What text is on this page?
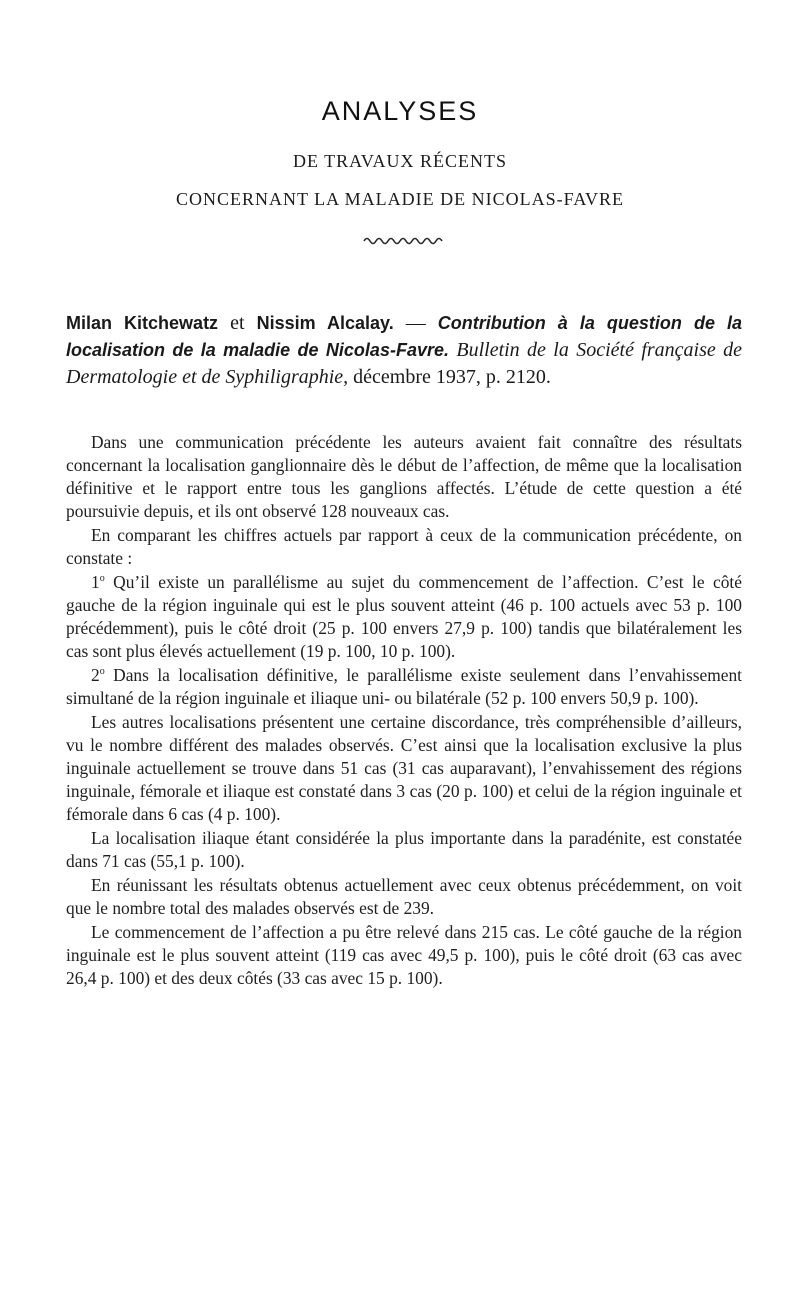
ANALYSES
DE TRAVAUX RÉCENTS
CONCERNANT LA MALADIE DE NICOLAS-FAVRE
Milan Kitchewatz et Nissim Alcalay. — Contribution à la question de la localisation de la maladie de Nicolas-Favre. Bulletin de la Société française de Dermatologie et de Syphiligraphie, décembre 1937, p. 2120.

Dans une communication précédente les auteurs avaient fait connaître des résultats concernant la localisation ganglionnaire dès le début de l’affection, de même que la localisation définitive et le rapport entre tous les ganglions affectés. L’étude de cette question a été poursuivie depuis, et ils ont observé 128 nouveaux cas.

En comparant les chiffres actuels par rapport à ceux de la communication précédente, on constate :

1$^o$ Qu’il existe un parallélisme au sujet du commencement de l’affection. C’est le côté gauche de la région inguinale qui est le plus souvent atteint (46 p. 100 actuels avec 53 p. 100 précédemment), puis le côté droit (25 p. 100 envers 27,9 p. 100) tandis que bilatéralement les cas sont plus élevés actuellement (19 p. 100, 10 p. 100).

2$^o$ Dans la localisation définitive, le parallélisme existe seulement dans l’envahissement simultané de la région inguinale et iliaque uni- ou bilatérale (52 p. 100 envers 50,9 p. 100).

Les autres localisations présentent une certaine discordance, très compréhensible d’ailleurs, vu le nombre différent des malades observés. C’est ainsi que la localisation exclusive la plus inguinale actuellement se trouve dans 51 cas (31 cas auparavant), l’envahissement des régions inguinale, fémorale et iliaque est constaté dans 3 cas (20 p. 100) et celui de la région inguinale et fémorale dans 6 cas (4 p. 100).

La localisation iliaque étant considérée la plus importante dans la paradénite, est constatée dans 71 cas (55,1 p. 100).

En réunissant les résultats obtenus actuellement avec ceux obtenus précédemment, on voit que le nombre total des malades observés est de 239.

Le commencement de l’affection a pu être relevé dans 215 cas. Le côté gauche de la région inguinale est le plus souvent atteint (119 cas avec 49,5 p. 100), puis le côté droit (63 cas avec 26,4 p. 100) et des deux côtés (33 cas avec 15 p. 100).
